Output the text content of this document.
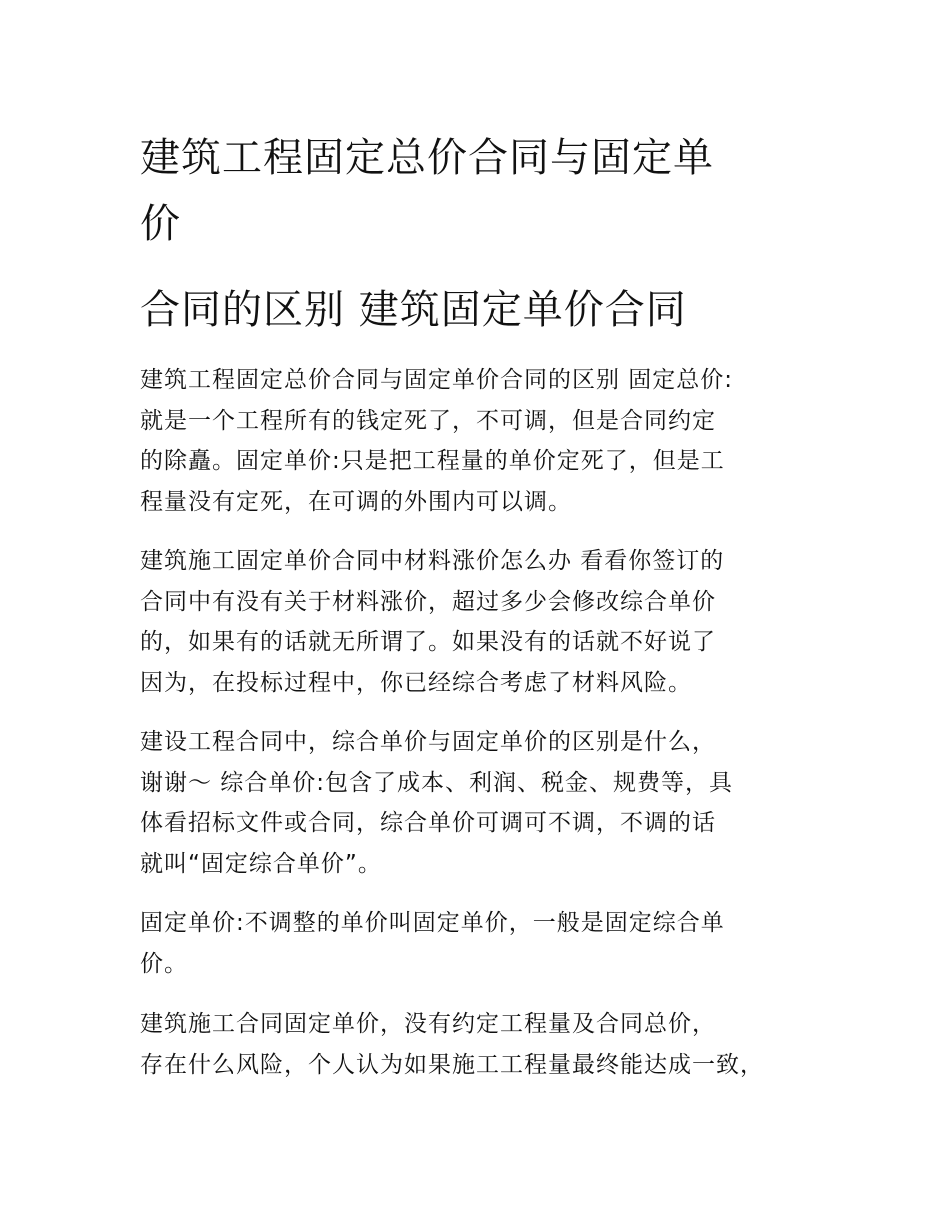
建筑工程固定总价合同与固定单
价
合同的区别 建筑固定单价合同
建筑工程固定总价合同与固定单价合同的区别 固定总价:
就是一个工程所有的钱定死了，不可调，但是合同约定
的除矗。固定单价:只是把工程量的单价定死了，但是工
程量没有定死，在可调的外围内可以调。
建筑施工固定单价合同中材料涨价怎么办 看看你签订的
合同中有没有关于材料涨价，超过多少会修改综合单价
的，如果有的话就无所谓了。如果没有的话就不好说了
因为，在投标过程中，你已经综合考虑了材料风险。
建设工程合同中，综合单价与固定单价的区别是什么，
谢谢～ 综合单价:包含了成本、利润、税金、规费等，具
体看招标文件或合同，综合单价可调可不调，不调的话
就叫“固定综合单价”。
固定单价:不调整的单价叫固定单价，一般是固定综合单
价。
建筑施工合同固定单价，没有约定工程量及合同总价，
存在什么风险，个人认为如果施工工程量最终能达成一致，
